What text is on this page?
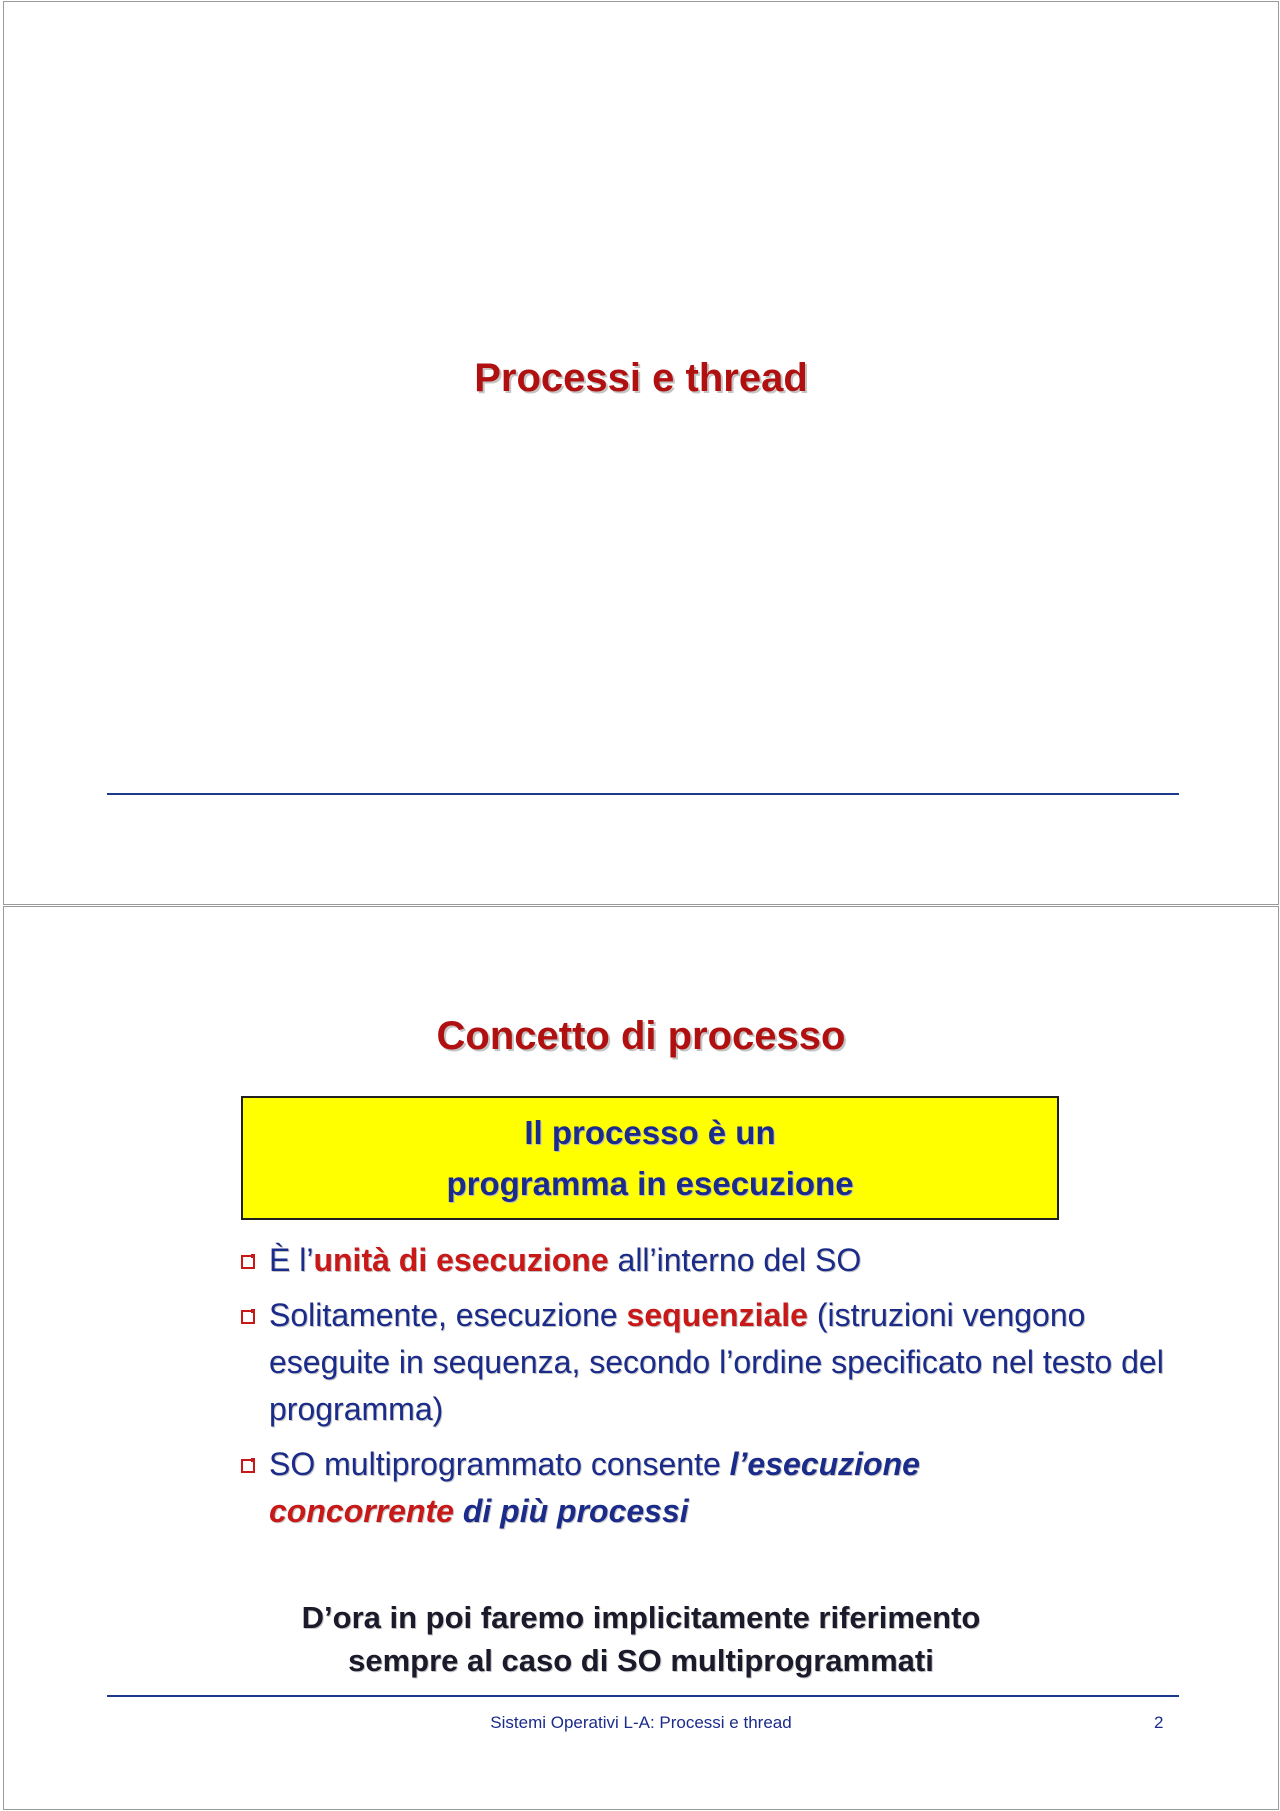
Processi e thread
Concetto di processo
Il processo è un
programma in esecuzione
È l’unità di esecuzione all’interno del SO
Solitamente, esecuzione sequenziale (istruzioni vengono eseguite in sequenza, secondo l’ordine specificato nel testo del programma)
SO multiprogrammato consente l’esecuzione
concorrente di più processi
D’ora in poi faremo implicitamente riferimento
sempre al caso di SO multiprogrammati
Sistemi Operativi L-A: Processi e thread	2
